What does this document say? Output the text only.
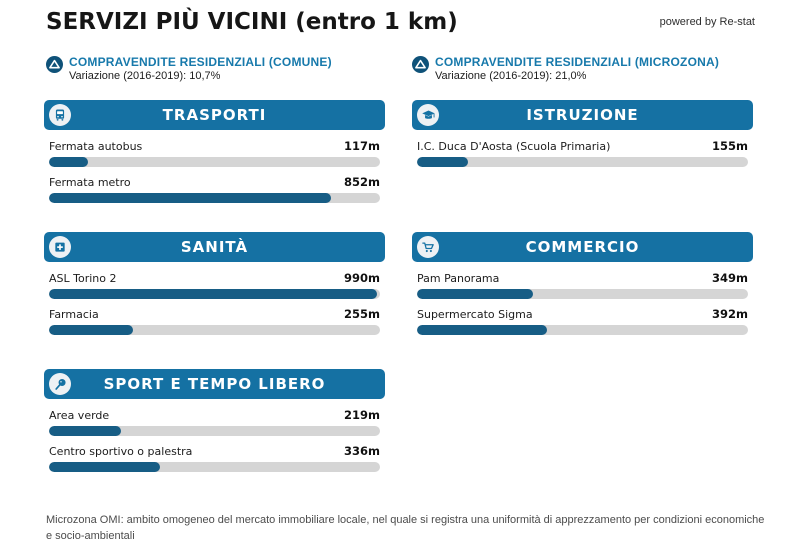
SERVIZI PIÙ VICINI (entro 1 km)	powered by Re-stat
COMPRAVENDITE RESIDENZIALI (COMUNE)
Variazione (2016-2019): 10,7%
COMPRAVENDITE RESIDENZIALI (MICROZONA)
Variazione (2016-2019): 21,0%
TRASPORTI
Fermata autobus	117m
Fermata metro	852m
ISTRUZIONE
I.C. Duca D'Aosta (Scuola Primaria)	155m
SANITÀ
ASL Torino 2	990m
Farmacia	255m
COMMERCIO
Pam Panorama	349m
Supermercato Sigma	392m
SPORT E TEMPO LIBERO
Area verde	219m
Centro sportivo o palestra	336m
Microzona OMI: ambito omogeneo del mercato immobiliare locale, nel quale si registra una uniformità di apprezzamento per condizioni economiche e socio-ambientali
